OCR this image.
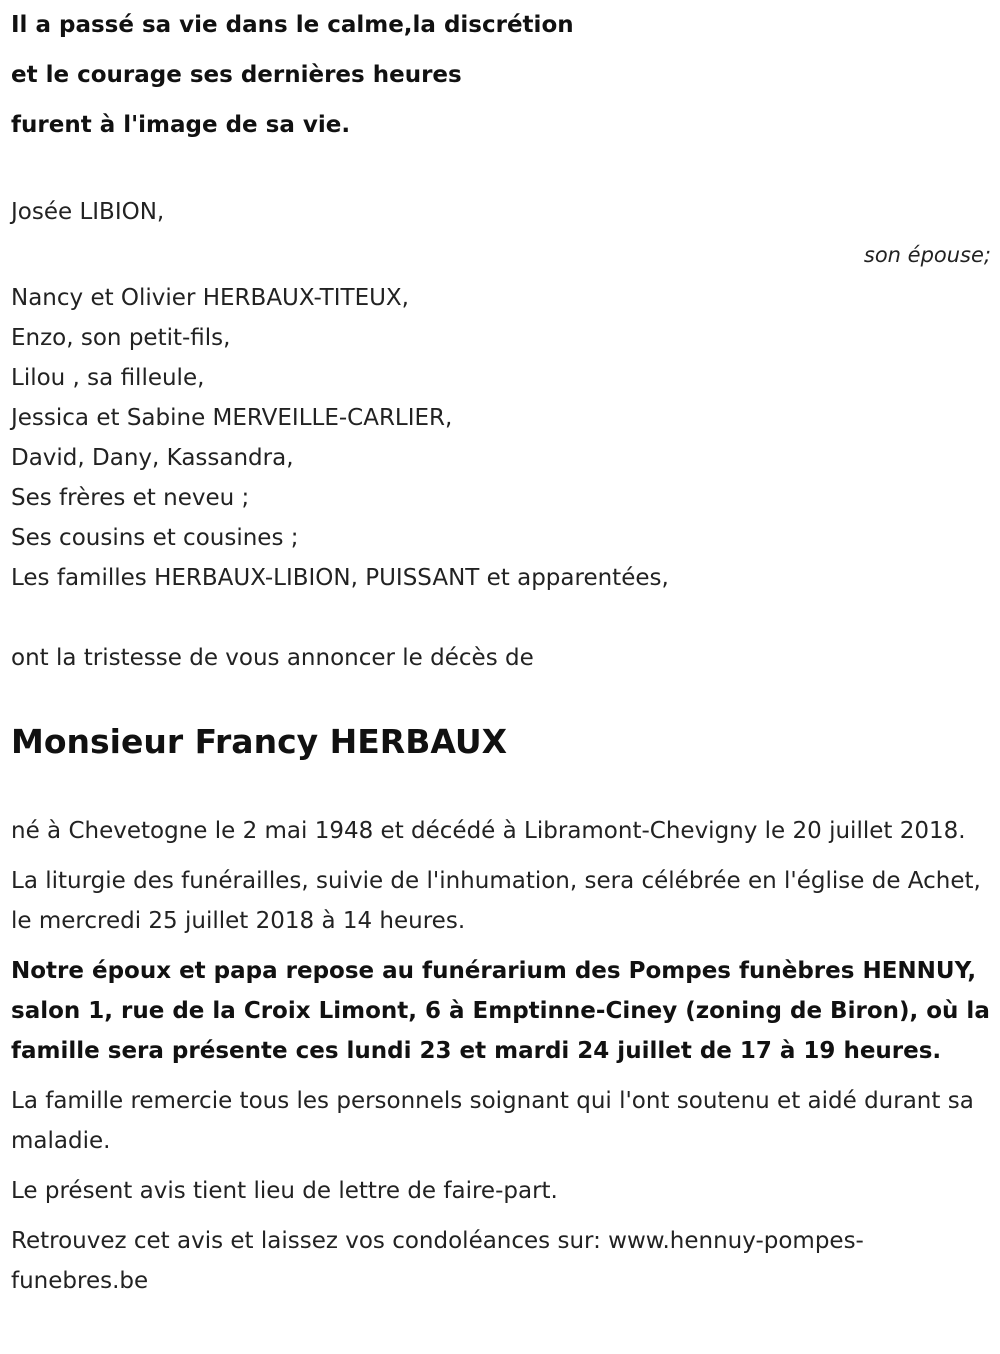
Il a passé sa vie dans le calme,la discrétion
et le courage ses dernières heures
furent à l'image de sa vie.
Josée LIBION,
son épouse;
Nancy et Olivier HERBAUX-TITEUX,
Enzo, son petit-fils,
Lilou , sa filleule,
Jessica et Sabine MERVEILLE-CARLIER,
David, Dany, Kassandra,
Ses frères et neveu ;
Ses cousins et cousines ;
Les familles HERBAUX-LIBION, PUISSANT et apparentées,
ont la tristesse de vous annoncer le décès de
Monsieur Francy HERBAUX
né à Chevetogne le 2 mai 1948 et décédé à Libramont-Chevigny le 20 juillet 2018.
La liturgie des funérailles, suivie de l'inhumation, sera célébrée en l'église de Achet, le mercredi 25 juillet 2018 à 14 heures.
Notre époux et papa repose au funérarium des Pompes funèbres HENNUY, salon 1, rue de la Croix Limont, 6 à Emptinne-Ciney (zoning de Biron), où la famille sera présente ces lundi 23 et mardi 24 juillet de 17 à 19 heures.
La famille remercie tous les personnels soignant qui l'ont soutenu et aidé durant sa maladie.
Le présent avis tient lieu de lettre de faire-part.
Retrouvez cet avis et laissez vos condoléances sur: www.hennuy-pompes-funebres.be
